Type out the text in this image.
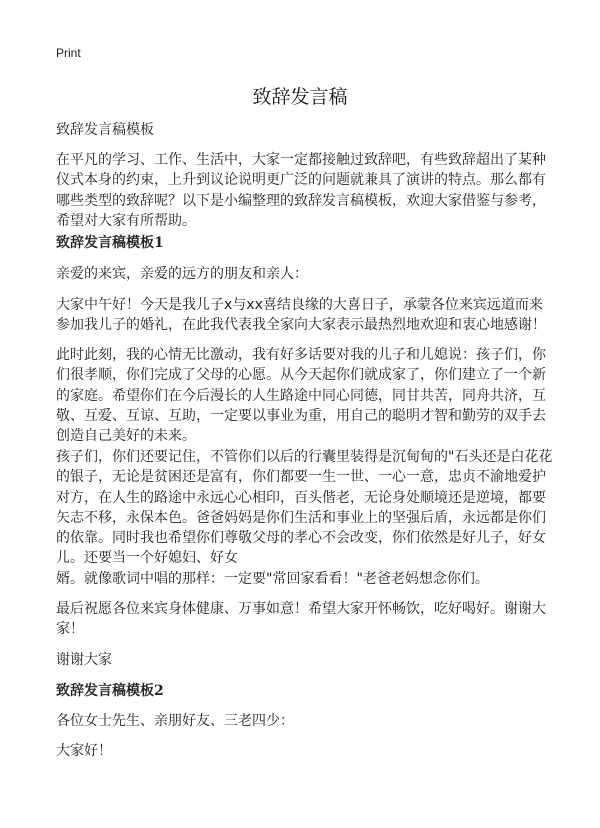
Print
致辞发言稿
致辞发言稿模板
在平凡的学习、工作、生活中，大家一定都接触过致辞吧，有些致辞超出了某种仪式本身的约束，上升到议论说明更广泛的问题就兼具了演讲的特点。那么都有哪些类型的致辞呢？以下是小编整理的致辞发言稿模板，欢迎大家借鉴与参考，希望对大家有所帮助。
致辞发言稿模板1
亲爱的来宾，亲爱的远方的朋友和亲人：
大家中午好！今天是我儿子x与xx喜结良缘的大喜日子，承蒙各位来宾远道而来参加我儿子的婚礼，在此我代表我全家向大家表示最热烈地欢迎和衷心地感谢！
此时此刻，我的心情无比激动，我有好多话要对我的儿子和儿媳说：孩子们，你们很孝顺，你们完成了父母的心愿。从今天起你们就成家了，你们建立了一个新的家庭。希望你们在今后漫长的人生路途中同心同德，同甘共苦，同舟共济，互敬、互爱、互谅、互助，一定要以事业为重，用自己的聪明才智和勤劳的双手去创造自己美好的未来。
孩子们，你们还要记住，不管你们以后的行囊里装得是沉甸甸的"石头还是白花花的银子，无论是贫困还是富有，你们都要一生一世、一心一意，忠贞不渝地爱护对方，在人生的路途中永远心心相印，百头偕老，无论身处顺境还是逆境，都要矢志不移，永保本色。爸爸妈妈是你们生活和事业上的坚强后盾，永远都是你们的依靠。同时我也希望你们尊敬父母的孝心不会改变，你们依然是好儿子，好女儿。还要当一个好媳妇、好女
婿。就像歌词中唱的那样：一定要"常回家看看！"老爸老妈想念你们。
最后祝愿各位来宾身体健康、万事如意！希望大家开怀畅饮，吃好喝好。谢谢大家！
谢谢大家
致辞发言稿模板2
各位女士先生、亲朋好友、三老四少：
大家好！
